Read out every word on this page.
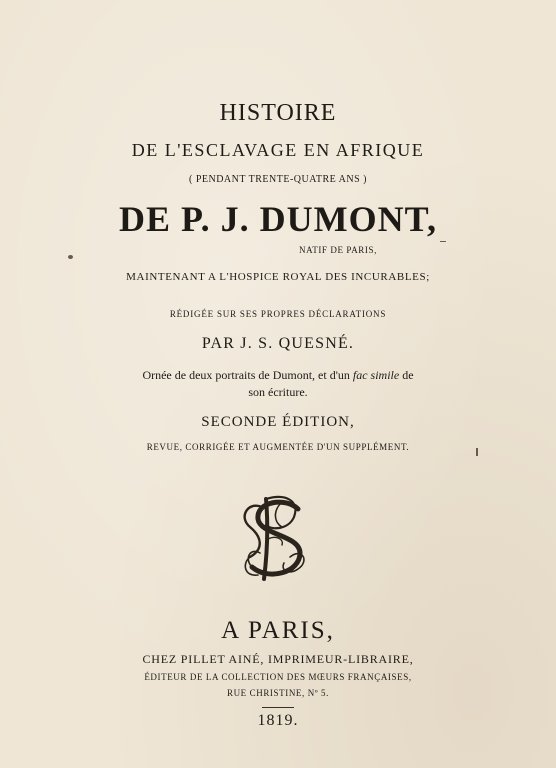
HISTOIRE
DE L'ESCLAVAGE EN AFRIQUE
( PENDANT TRENTE-QUATRE ANS )
DE P. J. DUMONT,
NATIF DE PARIS,
MAINTENANT A L'HOSPICE ROYAL DES INCURABLES;
RÉDIGÉE SUR SES PROPRES DÉCLARATIONS
PAR J. S. QUESNÉ.
Ornée de deux portraits de Dumont, et d'un fac simile de
son écriture.
SECONDE ÉDITION,
REVUE, CORRIGÉE ET AUGMENTÉE D'UN SUPPLÉMENT.
A PARIS,
CHEZ PILLET AINÉ, IMPRIMEUR-LIBRAIRE,
ÉDITEUR DE LA COLLECTION DES MŒURS FRANÇAISES,
RUE CHRISTINE, Nº 5.
1819.
